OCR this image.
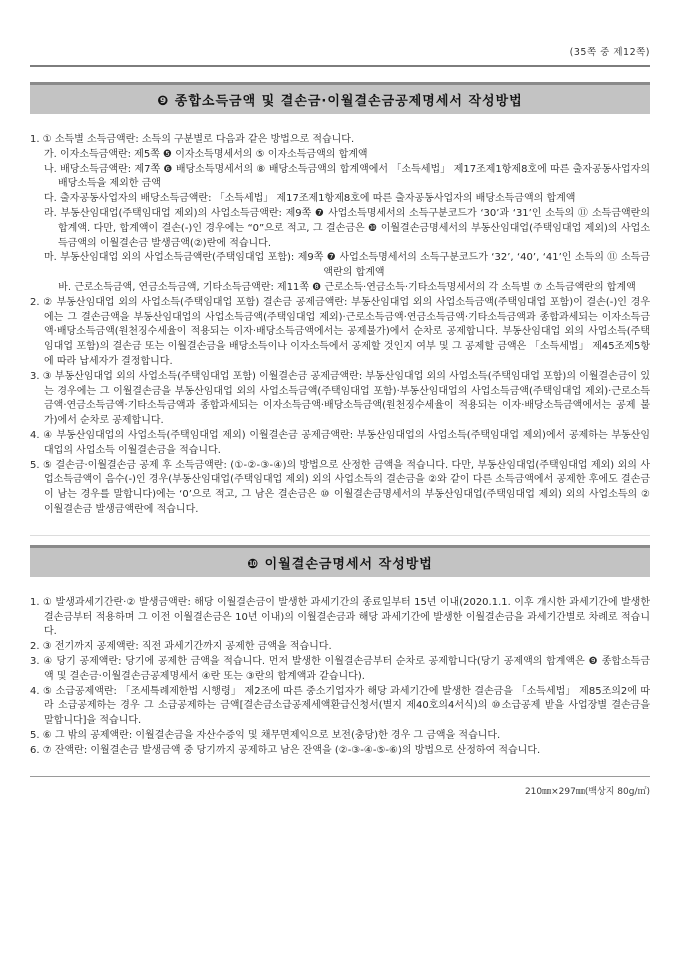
(35쪽 중 제12쪽)
❾ 종합소득금액 및 결손금·이월결손금공제명세서 작성방법

1. ① 소득별 소득금액란: 소득의 구분별로 다음과 같은 방법으로 적습니다.

가. 이자소득금액란: 제5쪽 ❺ 이자소득명세서의 ⑤ 이자소득금액의 합계액

나. 배당소득금액란: 제7쪽 ❻ 배당소득명세서의 ⑧ 배당소득금액의 합계액에서 「소득세법」 제17조제1항제8호에 따른 출자공동사업자의 배당소득을 제외한 금액

다. 출자공동사업자의 배당소득금액란: 「소득세법」 제17조제1항제8호에 따른 출자공동사업자의 배당소득금액의 합계액

라. 부동산임대업(주택임대업 제외)의 사업소득금액란: 제9쪽 ❼ 사업소득명세서의 소득구분코드가 ‘30’과 ‘31’인 소득의 ⑪ 소득금액란의 합계액. 다만, 합계액이 결손(-)인 경우에는 “0”으로 적고, 그 결손금은 ❿ 이월결손금명세서의 부동산임대업(주택임대업 제외)의 사업소득금액의 이월결손금 발생금액(②)란에 적습니다.

마. 부동산임대업 외의 사업소득금액란(주택임대업 포함): 제9쪽 ❼ 사업소득명세서의 소득구분코드가 ‘32’, ‘40’, ‘41’인 소득의 ⑪ 소득금액란의 합계액

바. 근로소득금액, 연금소득금액, 기타소득금액란: 제11쪽 ❽ 근로소득·연금소득·기타소득명세서의 각 소득별 ⑦ 소득금액란의 합계액

2. ② 부동산임대업 외의 사업소득(주택임대업 포함) 결손금 공제금액란: 부동산임대업 외의 사업소득금액(주택임대업 포함)이 결손(-)인 경우에는 그 결손금액을 부동산임대업의 사업소득금액(주택임대업 제외)·근로소득금액·연금소득금액·기타소득금액과 종합과세되는 이자소득금액·배당소득금액(원천징수세율이 적용되는 이자·배당소득금액에서는 공제불가)에서 순차로 공제합니다. 부동산임대업 외의 사업소득(주택임대업 포함)의 결손금 또는 이월결손금을 배당소득이나 이자소득에서 공제할 것인지 여부 및 그 공제할 금액은 「소득세법」 제45조제5항에 따라 납세자가 결정합니다.

3. ③ 부동산임대업 외의 사업소득(주택임대업 포함) 이월결손금 공제금액란: 부동산임대업 외의 사업소득(주택임대업 포함)의 이월결손금이 있는 경우에는 그 이월결손금을 부동산임대업 외의 사업소득금액(주택임대업 포함)·부동산임대업의 사업소득금액(주택임대업 제외)·근로소득금액·연금소득금액·기타소득금액과 종합과세되는 이자소득금액·배당소득금액(원천징수세율이 적용되는 이자·배당소득금액에서는 공제 불가)에서 순차로 공제합니다.

4. ④ 부동산임대업의 사업소득(주택임대업 제외) 이월결손금 공제금액란: 부동산임대업의 사업소득(주택임대업 제외)에서 공제하는 부동산임대업의 사업소득 이월결손금을 적습니다.

5. ⑤ 결손금·이월결손금 공제 후 소득금액란: (①-②-③-④)의 방법으로 산정한 금액을 적습니다. 다만, 부동산임대업(주택임대업 제외) 외의 사업소득금액이 음수(-)인 경우(부동산임대업(주택임대업 제외) 외의 사업소득의 결손금을 ②와 같이 다른 소득금액에서 공제한 후에도 결손금이 남는 경우를 말합니다)에는 ‘0’으로 적고, 그 남은 결손금은 ⑩ 이월결손금명세서의 부동산임대업(주택임대업 제외) 외의 사업소득의 ② 이월결손금 발생금액란에 적습니다.

❿ 이월결손금명세서 작성방법

1. ① 발생과세기간란·② 발생금액란: 해당 이월결손금이 발생한 과세기간의 종료일부터 15년 이내(2020.1.1. 이후 개시한 과세기간에 발생한 결손금부터 적용하며 그 이전 이월결손금은 10년 이내)의 이월결손금과 해당 과세기간에 발생한 이월결손금을 과세기간별로 차례로 적습니다.

2. ③ 전기까지 공제액란: 직전 과세기간까지 공제한 금액을 적습니다.

3. ④ 당기 공제액란: 당기에 공제한 금액을 적습니다. 먼저 발생한 이월결손금부터 순차로 공제합니다(당기 공제액의 합계액은 ❾ 종합소득금액 및 결손금·이월결손금공제명세서 ④란 또는 ③란의 합계액과 같습니다).

4. ⑤ 소급공제액란: 「조세특례제한법 시행령」 제2조에 따른 중소기업자가 해당 과세기간에 발생한 결손금을 「소득세법」 제85조의2에 따라 소급공제하는 경우 그 소급공제하는 금액[결손금소급공제세액환급신청서(별지 제40호의4서식)의 ⑩소급공제 받을 사업장별 결손금을 말합니다]을 적습니다.

5. ⑥ 그 밖의 공제액란: 이월결손금을 자산수증익 및 채무면제익으로 보전(충당)한 경우 그 금액을 적습니다.

6. ⑦ 잔액란: 이월결손금 발생금액 중 당기까지 공제하고 남은 잔액을 (②-③-④-⑤-⑥)의 방법으로 산정하여 적습니다.

210㎜×297㎜(백상지 80g/㎡)
